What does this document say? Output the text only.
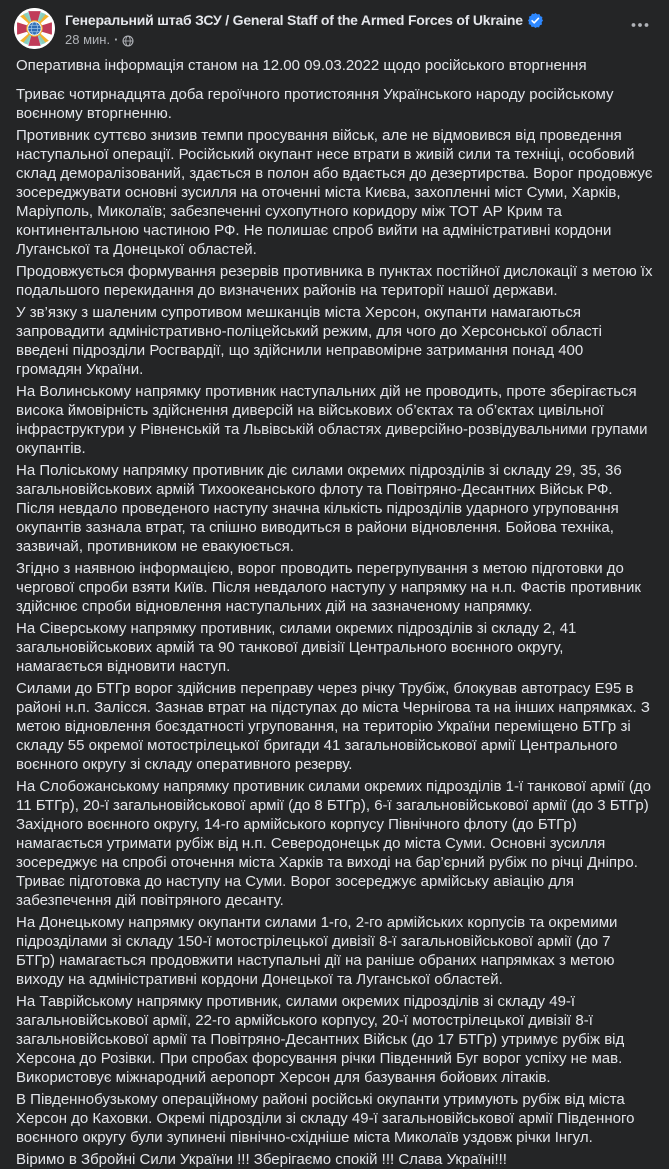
Генеральний штаб ЗСУ / General Staff of the Armed Forces of Ukraine
28 мин. ·

Оперативна інформація станом на 12.00 09.03.2022 щодо російського вторгнення

Триває чотирнадцята доба героїчного протистояння Українського народу російському воєнному вторгненню.

Противник суттєво знизив темпи просування військ, але не відмовився від проведення наступальної операції. Російський окупант несе втрати в живій сили та техніці, особовий склад деморалізований, здається в полон або вдається до дезертирства. Ворог продовжує зосереджувати основні зусилля на оточенні міста Києва, захопленні міст Суми, Харків, Маріуполь, Миколаїв; забезпеченні сухопутного коридору між ТОТ АР Крим та континентальною частиною РФ. Не полишає спроб вийти на адміністративні кордони Луганської та Донецької областей.

Продовжується формування резервів противника в пунктах постійної дислокації з метою їх подальшого перекидання до визначених районів на території нашої держави.

У зв’язку з шаленим супротивом мешканців міста Херсон, окупанти намагаються запровадити адміністративно-поліцейський режим, для чого до Херсонської області введені підрозділи Росгвардії, що здійснили неправомірне затримання понад 400 громадян України.

На Волинському напрямку противник наступальних дій не проводить, проте зберігається висока ймовірність здійснення диверсій на військових об’єктах та об’єктах цивільної інфраструктури у Рівненській та Львівській областях диверсійно-розвідувальними групами окупантів.

На Поліському напрямку противник діє силами окремих підрозділів зі складу 29, 35, 36 загальновійськових армій Тихоокеанського флоту та Повітряно-Десантних Військ РФ. Після невдало проведеного наступу значна кількість підрозділів ударного угруповання окупантів зазнала втрат, та спішно виводиться в райони відновлення. Бойова техніка, зазвичай, противником не евакуюється.

Згідно з наявною інформацією, ворог проводить перегрупування з метою підготовки до чергової спроби взяти Київ. Після невдалого наступу у напрямку на н.п. Фастів противник здійснює спроби відновлення наступальних дій на зазначеному напрямку.

На Сіверському напрямку противник, силами окремих підрозділів зі складу 2, 41 загальновійськових армій та 90 танкової дивізії Центрального воєнного округу, намагається відновити наступ.

Силами до БТГр ворог здійснив переправу через річку Трубіж, блокував автотрасу Е95 в районі н.п. Залісся. Зазнав втрат на підступах до міста Чернігова та на інших напрямках. З метою відновлення боєздатності угруповання, на територію України переміщено БТГр зі складу 55 окремої мотострілецької бригади 41 загальновійськової армії Центрального воєнного округу зі складу оперативного резерву.

На Слобожанському напрямку противник силами окремих підрозділів 1-ї танкової армії (до 11 БТГр), 20-ї загальновійськової армії (до 8 БТГр), 6-ї загальновійськової армії (до 3 БТГр) Західного воєнного округу, 14-го армійського корпусу Північного флоту (до БТГр) намагається утримати рубіж від н.п. Северодонецьк до міста Суми. Основні зусилля зосереджує на спробі оточення міста Харків та виході на бар’єрний рубіж по річці Дніпро. Триває підготовка до наступу на Суми. Ворог зосереджує армійську авіацію для забезпечення дій повітряного десанту.

На Донецькому напрямку окупанти силами 1-го, 2-го армійських корпусів та окремими підрозділами зі складу 150-ї мотострілецької дивізії 8-ї загальновійськової армії (до 7 БТГр) намагається продовжити наступальні дії на раніше обраних напрямках з метою виходу на адміністративні кордони Донецької та Луганської областей.

На Таврійському напрямку противник, силами окремих підрозділів зі складу 49-ї загальновійськової армії, 22-го армійського корпусу, 20-ї мотострілецької дивізії 8-ї загальновійськової армії та Повітряно-Десантних Військ (до 17 БТГр) утримує рубіж від Херсона до Розівки. При спробах форсування річки Південний Буг ворог успіху не мав. Використовує міжнародний аеропорт Херсон для базування бойових літаків.

В Південнобузькому операційному районі російські окупанти утримують рубіж від міста Херсон до Каховки. Окремі підрозділи зі складу 49-ї загальновійськової армії Південного воєнного округу були зупинені північно-східніше міста Миколаїв уздовж річки Інгул.

Віримо в Збройні Сили України !!! Зберігаємо спокій !!! Слава Україні!!!
